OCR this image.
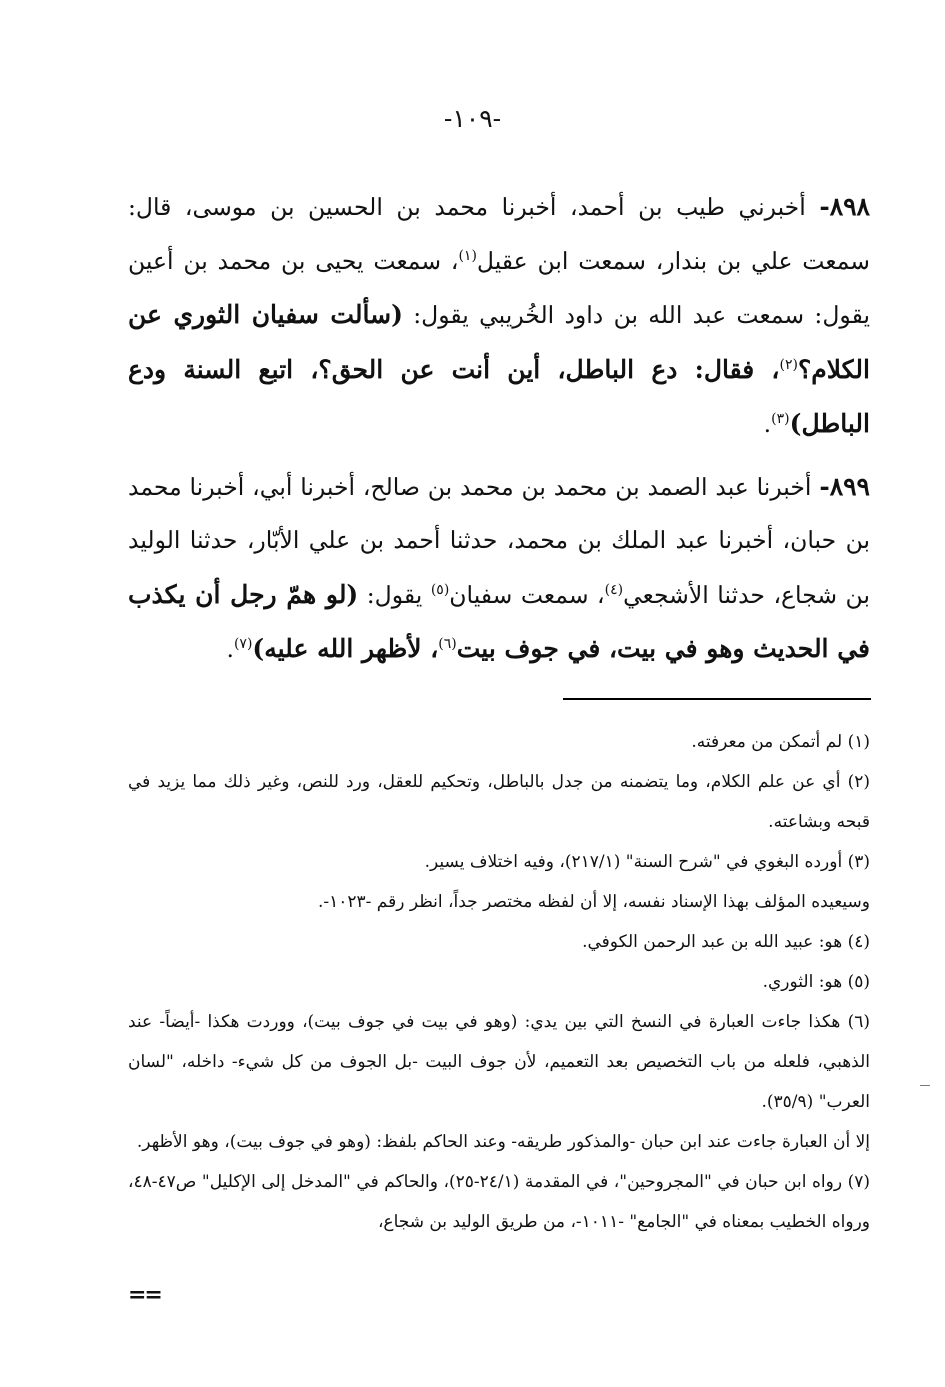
-١٠٩-

٨٩٨- أخبرني طيب بن أحمد، أخبرنا محمد بن الحسين بن موسى، قال: سمعت علي بن بندار، سمعت ابن عقيل$^{(١)}$، سمعت يحيى بن محمد بن أعين يقول: سمعت عبد الله بن داود الخُريبي يقول: (سألت سفيان الثوري عن الكلام؟$^{(٢)}$، فقال: دع الباطل، أين أنت عن الحق؟، اتبع السنة ودع الباطل)$^{(٣)}$.

٨٩٩- أخبرنا عبد الصمد بن محمد بن محمد بن صالح، أخبرنا أبي، أخبرنا محمد بن حبان، أخبرنا عبد الملك بن محمد، حدثنا أحمد بن علي الأبّار، حدثنا الوليد بن شجاع، حدثنا الأشجعي$^{(٤)}$، سمعت سفيان$^{(٥)}$ يقول: (لو همّ رجل أن يكذب في الحديث وهو في بيت، في جوف بيت$^{(٦)}$، لأظهر الله عليه)$^{(٧)}$.

(١) لم أتمكن من معرفته.

(٢) أي عن علم الكلام، وما يتضمنه من جدل بالباطل، وتحكيم للعقل، ورد للنص، وغير ذلك مما يزيد في قبحه وبشاعته.

(٣) أورده البغوي في "شرح السنة" (٢١٧/١)، وفيه اختلاف يسير.

وسيعيده المؤلف بهذا الإسناد نفسه، إلا أن لفظه مختصر جداً، انظر رقم -١٠٢٣-.

(٤) هو: عبيد الله بن عبد الرحمن الكوفي.

(٥) هو: الثوري.

(٦) هكذا جاءت العبارة في النسخ التي بين يدي: (وهو في بيت في جوف بيت)، ووردت هكذا -أيضاً- عند الذهبي، فلعله من باب التخصيص بعد التعميم، لأن جوف البيت -بل الجوف من كل شيء- داخله، "لسان العرب" (٣٥/٩).

إلا أن العبارة جاءت عند ابن حبان -والمذكور طريقه- وعند الحاكم بلفظ: (وهو في جوف بيت)، وهو الأظهر.

(٧) رواه ابن حبان في "المجروحين"، في المقدمة (٢٤/١-٢٥)، والحاكم في "المدخل إلى الإكليل" ص٤٧-٤٨، ورواه الخطيب بمعناه في "الجامع" -١٠١١-، من طريق الوليد بن شجاع،

==
